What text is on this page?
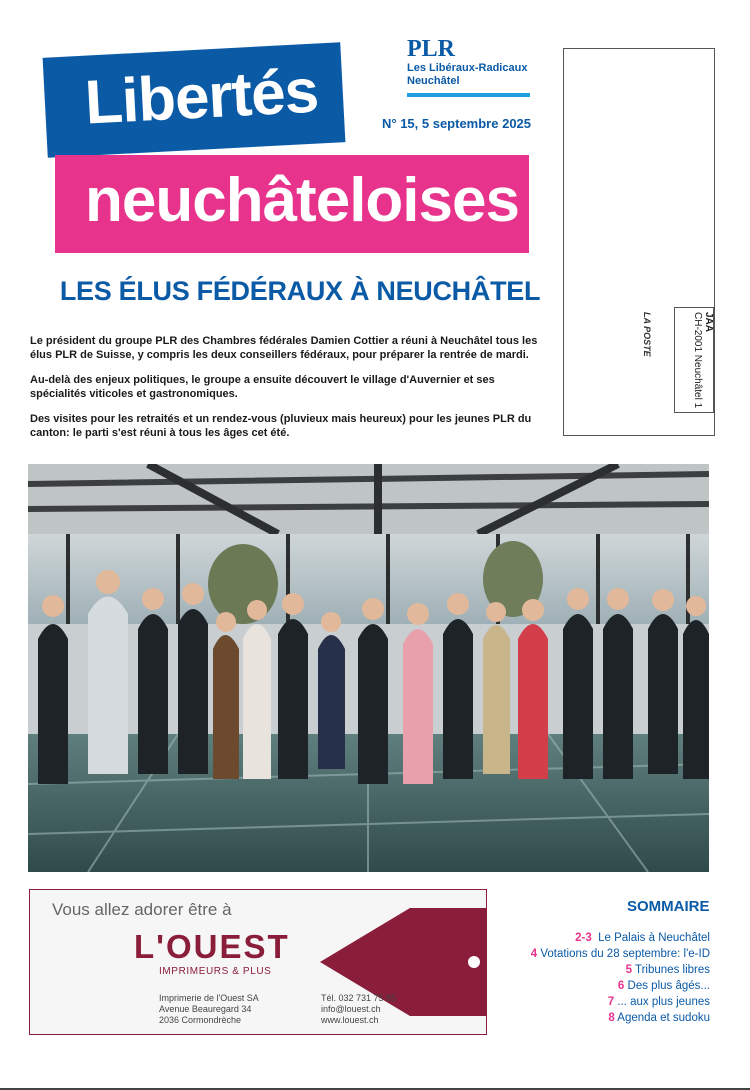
Libertés
neuchâteloises
PLR
Les Libéraux-Radicaux
Neuchâtel
N° 15, 5 septembre 2025
JAA
CH-2001 Neuchâtel 1
LA POSTE
LES ÉLUS FÉDÉRAUX À NEUCHÂTEL
Le président du groupe PLR des Chambres fédérales Damien Cottier a réuni à Neuchâtel tous les élus PLR de Suisse, y compris les deux conseillers fédéraux, pour préparer la rentrée de mardi.
Au-delà des enjeux politiques, le groupe a ensuite découvert le village d'Auvernier et ses spécialités viticoles et gastronomiques.
Des visites pour les retraités et un rendez-vous (pluvieux mais heureux) pour les jeunes PLR du canton: le parti s'est réuni à tous les âges cet été.
Vous allez adorer être à
L'OUEST
IMPRIMEURS & PLUS
Imprimerie de l'Ouest SA
Avenue Beauregard 34
2036 Cormondrèche
Tél. 032 731 75 85
info@louest.ch
www.louest.ch
SOMMAIRE
2-3 Le Palais à Neuchâtel
4 Votations du 28 septembre: l'e-ID
5 Tribunes libres
6 Des plus âgés...
7 ... aux plus jeunes
8 Agenda et sudoku
